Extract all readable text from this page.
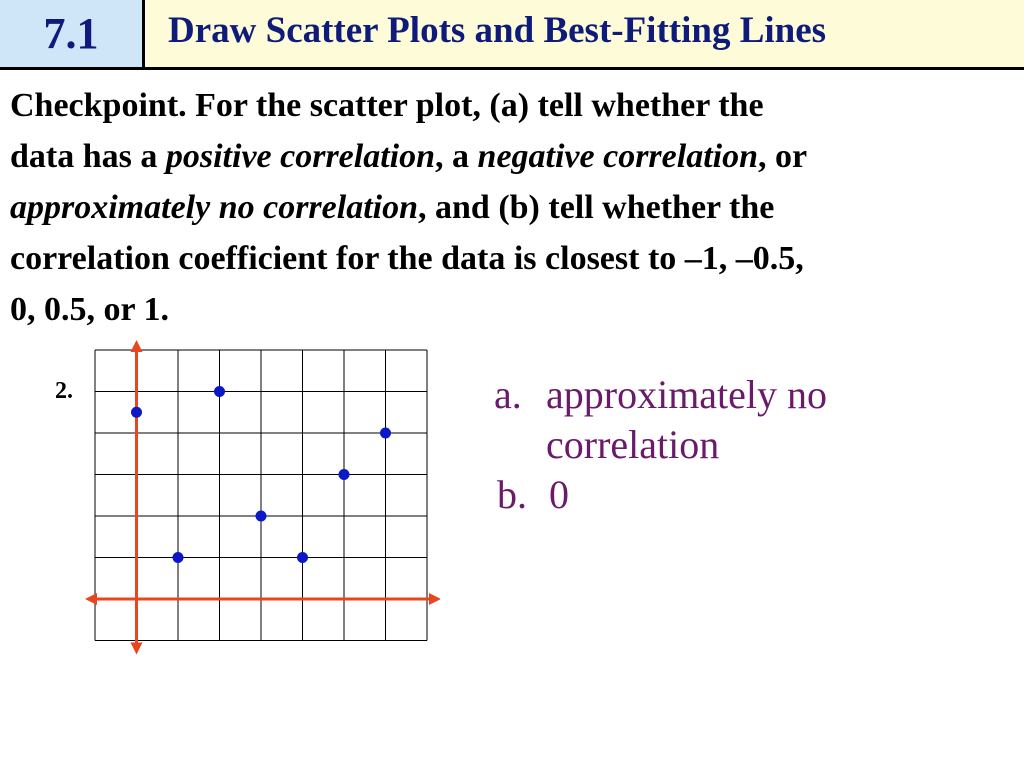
7.1	Draw Scatter Plots and Best-Fitting Lines
Checkpoint. For the scatter plot, (a) tell whether the
data has a positive correlation, a negative correlation, or
approximately no correlation, and (b) tell whether the
correlation coefficient for the data is closest to –1, –0.5,
0, 0.5, or 1.
2.	a. approximately no
correlation
b. 0
